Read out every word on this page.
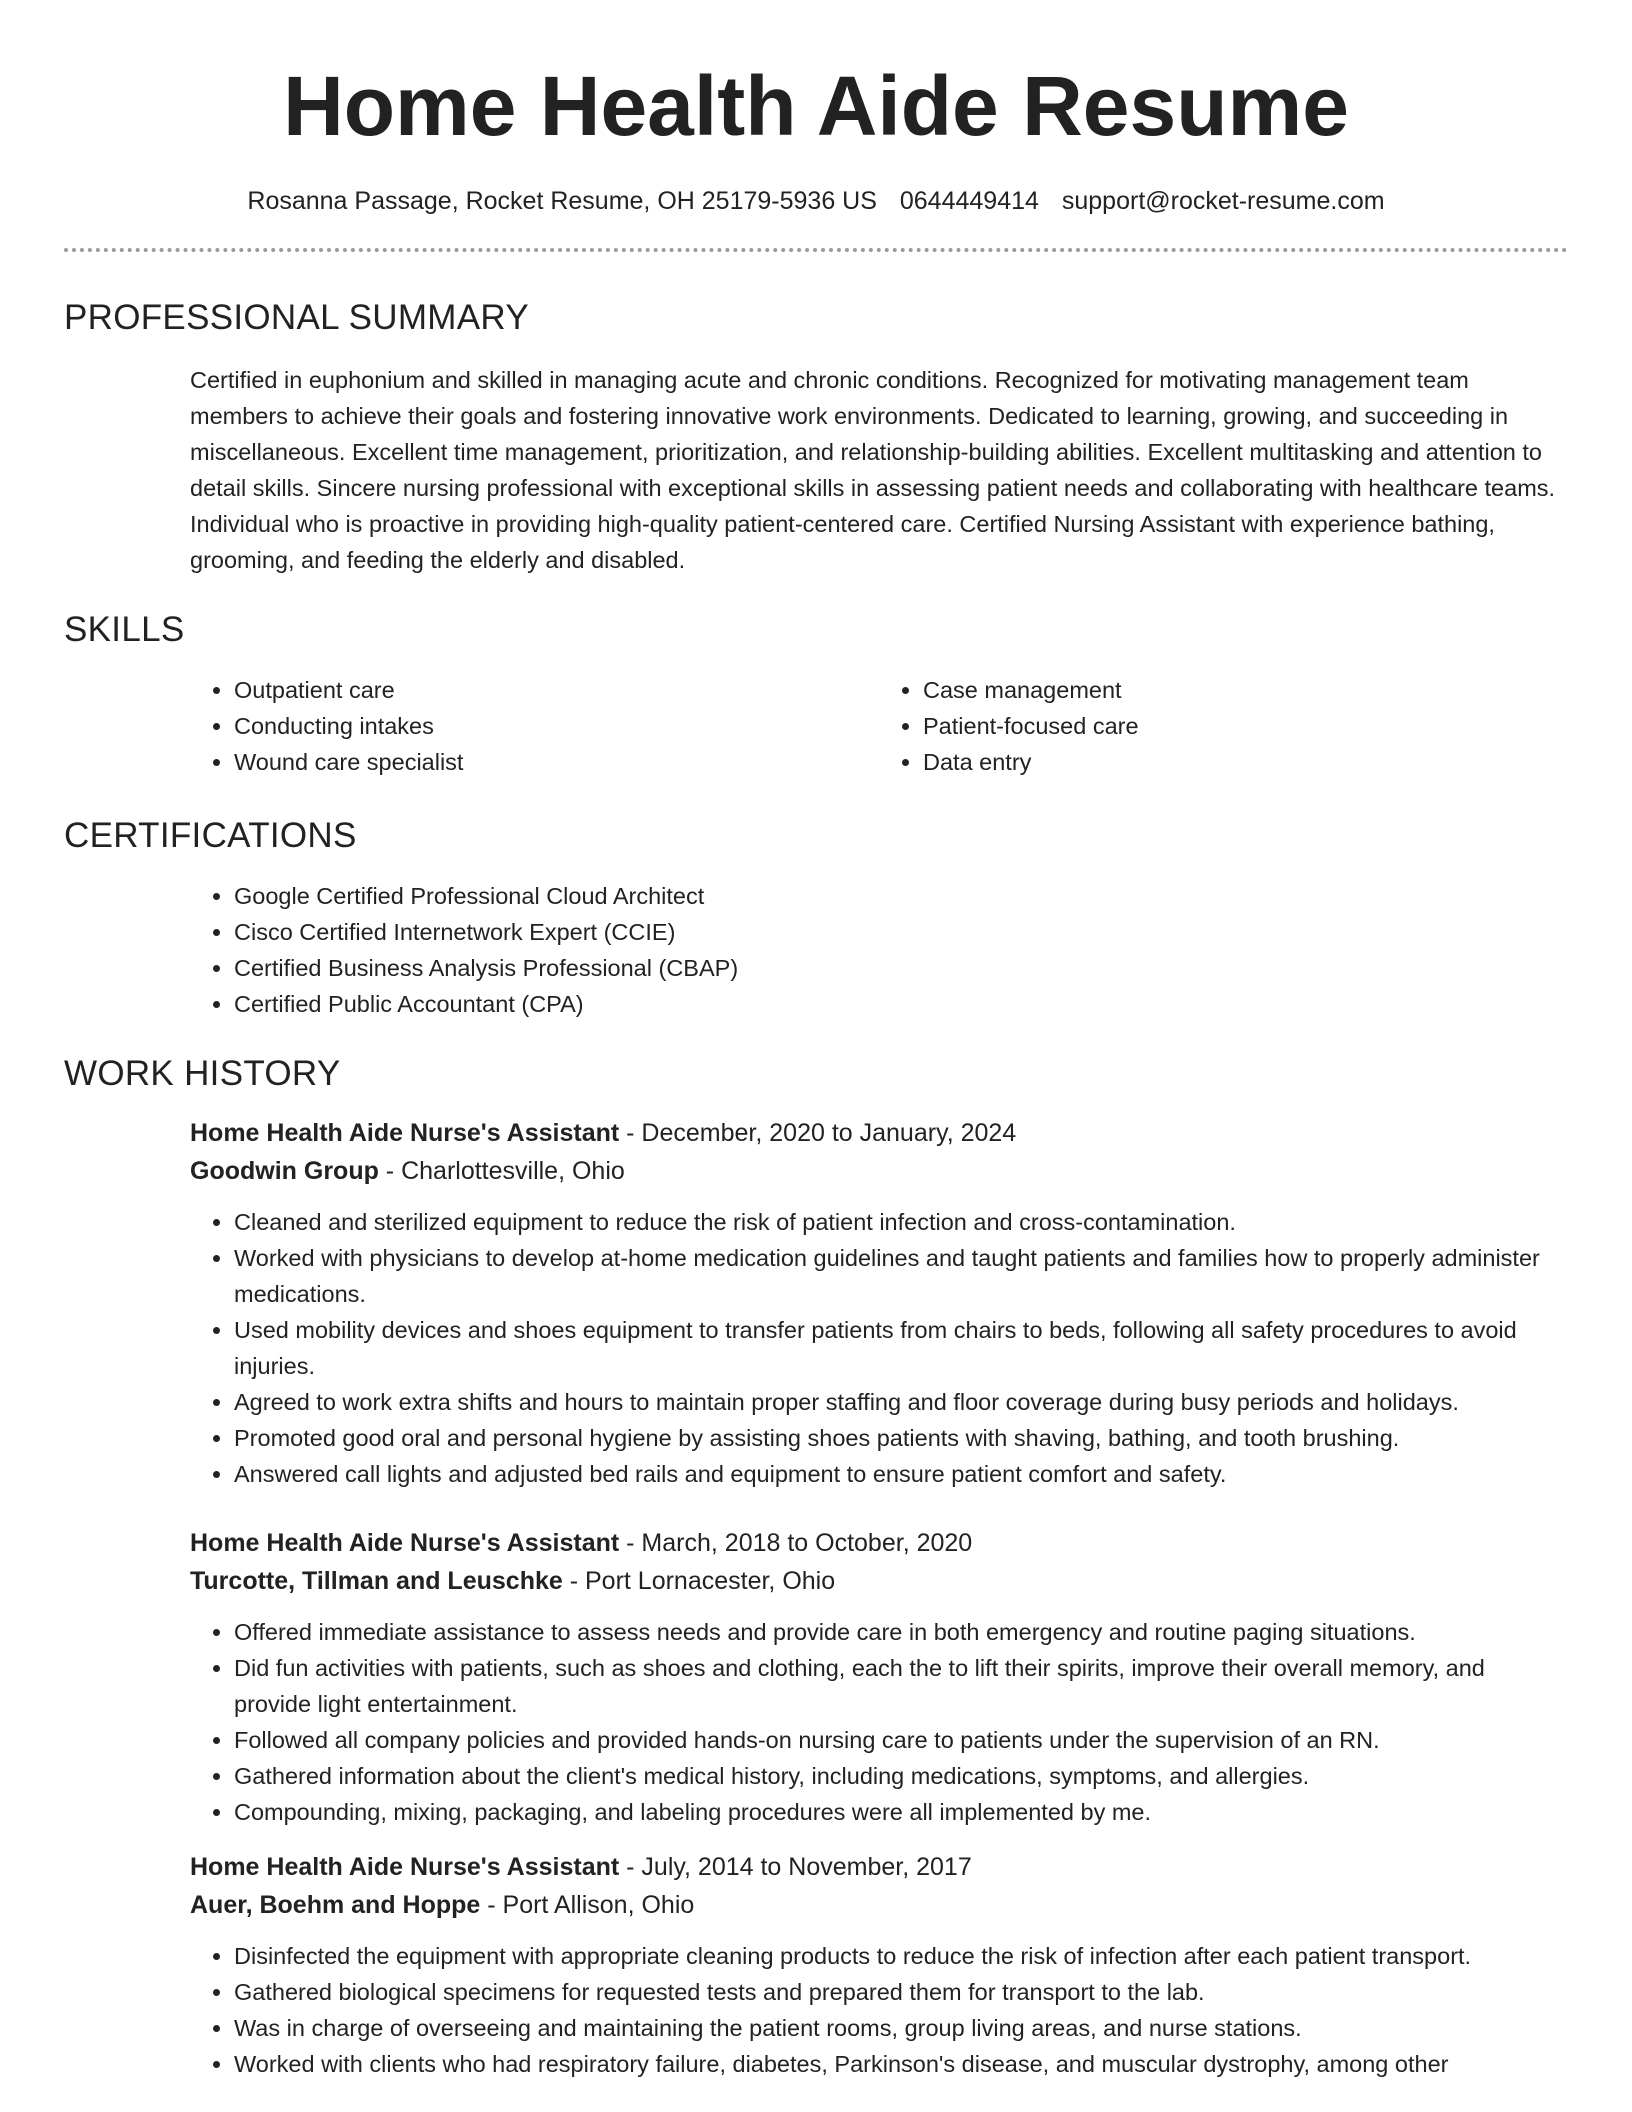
Home Health Aide Resume
Rosanna Passage, Rocket Resume, OH 25179-5936 US 0644449414 support@rocket-resume.com
PROFESSIONAL SUMMARY

Certified in euphonium and skilled in managing acute and chronic conditions. Recognized for motivating management team members to achieve their goals and fostering innovative work environments. Dedicated to learning, growing, and succeeding in miscellaneous. Excellent time management, prioritization, and relationship-building abilities. Excellent multitasking and attention to detail skills. Sincere nursing professional with exceptional skills in assessing patient needs and collaborating with healthcare teams. Individual who is proactive in providing high-quality patient-centered care. Certified Nursing Assistant with experience bathing, grooming, and feeding the elderly and disabled.

SKILLS
• Outpatient care
• Conducting intakes
• Wound care specialist
• Case management
• Patient-focused care
• Data entry
CERTIFICATIONS
• Google Certified Professional Cloud Architect
• Cisco Certified Internetwork Expert (CCIE)
• Certified Business Analysis Professional (CBAP)
• Certified Public Accountant (CPA)
WORK HISTORY
Home Health Aide Nurse's Assistant - December, 2020 to January, 2024
Goodwin Group - Charlottesville, Ohio
• Cleaned and sterilized equipment to reduce the risk of patient infection and cross-contamination.
• Worked with physicians to develop at-home medication guidelines and taught patients and families how to properly administer medications.
• Used mobility devices and shoes equipment to transfer patients from chairs to beds, following all safety procedures to avoid injuries.
• Agreed to work extra shifts and hours to maintain proper staffing and floor coverage during busy periods and holidays.
• Promoted good oral and personal hygiene by assisting shoes patients with shaving, bathing, and tooth brushing.
• Answered call lights and adjusted bed rails and equipment to ensure patient comfort and safety.
Home Health Aide Nurse's Assistant - March, 2018 to October, 2020
Turcotte, Tillman and Leuschke - Port Lornacester, Ohio
• Offered immediate assistance to assess needs and provide care in both emergency and routine paging situations.
• Did fun activities with patients, such as shoes and clothing, each the to lift their spirits, improve their overall memory, and provide light entertainment.
• Followed all company policies and provided hands-on nursing care to patients under the supervision of an RN.
• Gathered information about the client's medical history, including medications, symptoms, and allergies.
• Compounding, mixing, packaging, and labeling procedures were all implemented by me.
Home Health Aide Nurse's Assistant - July, 2014 to November, 2017
Auer, Boehm and Hoppe - Port Allison, Ohio
• Disinfected the equipment with appropriate cleaning products to reduce the risk of infection after each patient transport.
• Gathered biological specimens for requested tests and prepared them for transport to the lab.
• Was in charge of overseeing and maintaining the patient rooms, group living areas, and nurse stations.
• Worked with clients who had respiratory failure, diabetes, Parkinson's disease, and muscular dystrophy, among other
